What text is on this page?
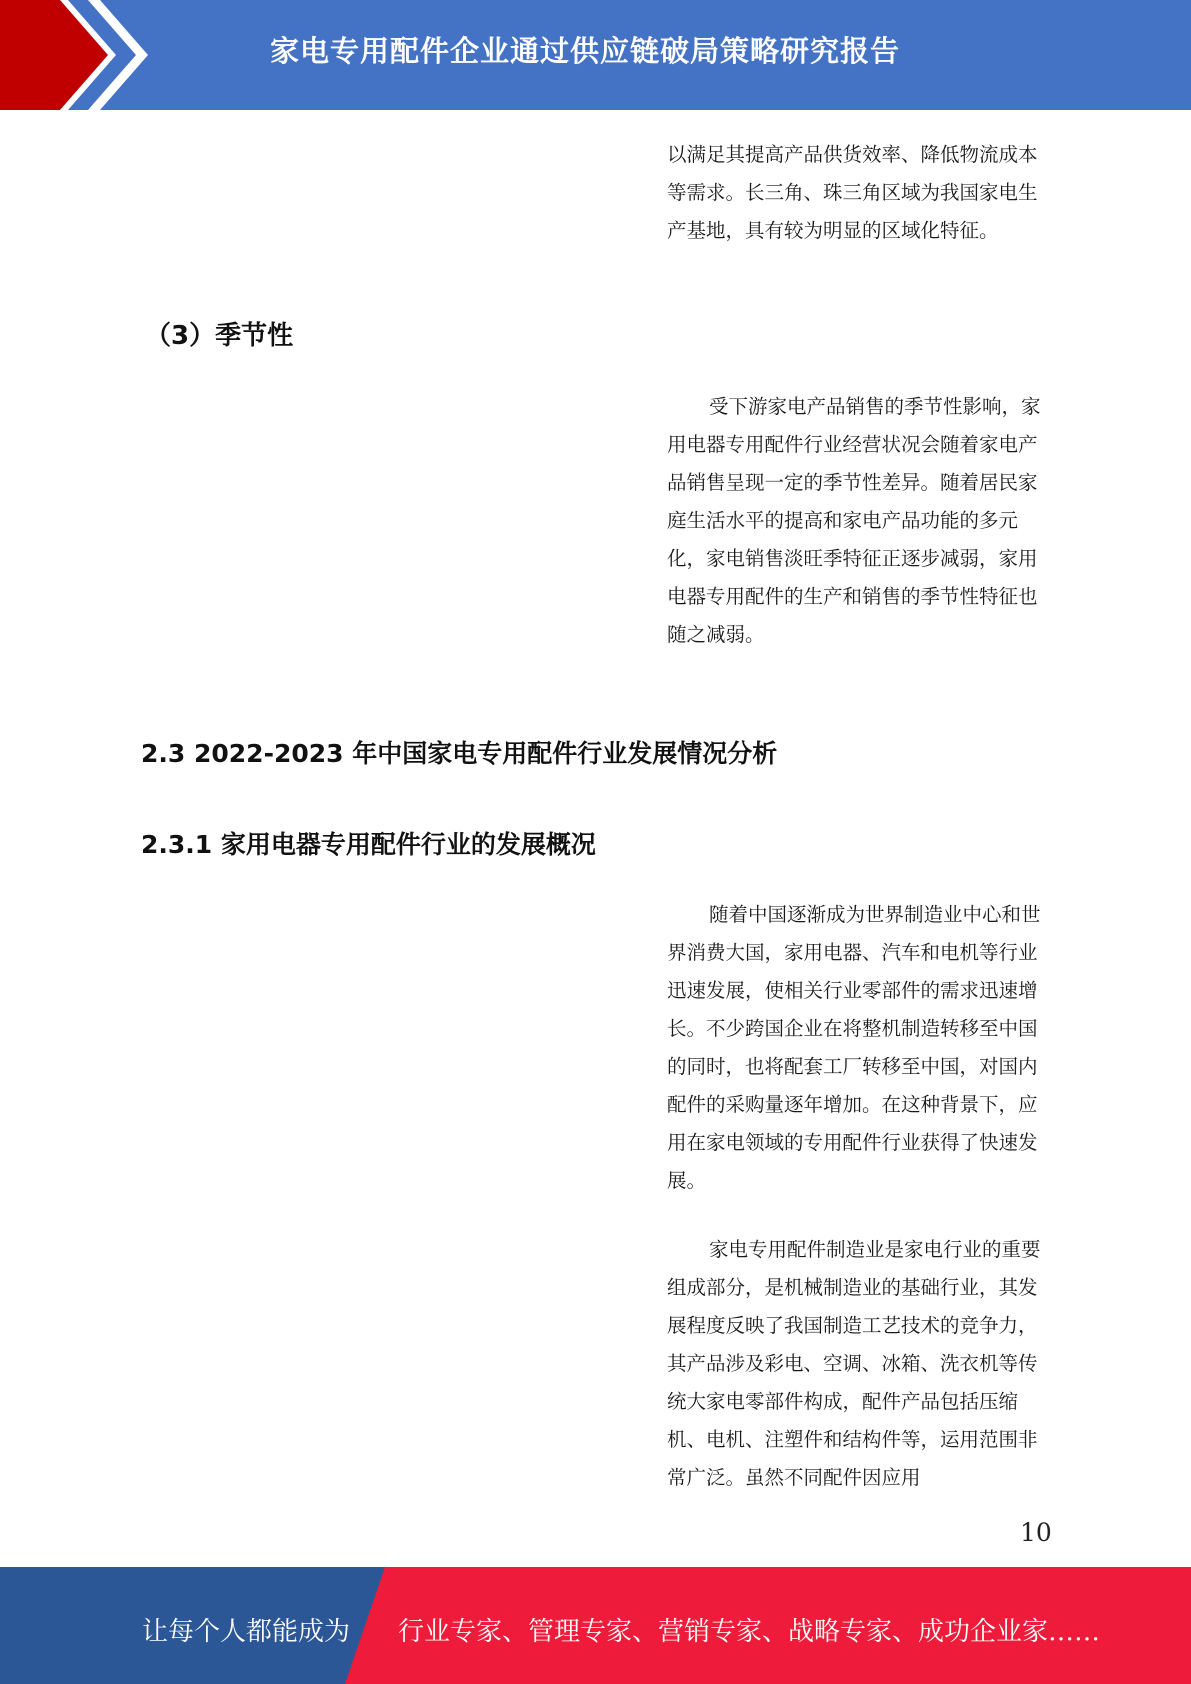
家电专用配件企业通过供应链破局策略研究报告

以满足其提高产品供货效率、降低物流成本等需求。长三角、珠三角区域为我国家电生产基地，具有较为明显的区域化特征。

（3）季节性

受下游家电产品销售的季节性影响，家用电器专用配件行业经营状况会随着家电产品销售呈现一定的季节性差异。随着居民家庭生活水平的提高和家电产品功能的多元化，家电销售淡旺季特征正逐步减弱，家用电器专用配件的生产和销售的季节性特征也随之减弱。

2.3 2022-2023 年中国家电专用配件行业发展情况分析
2.3.1 家用电器专用配件行业的发展概况

随着中国逐渐成为世界制造业中心和世界消费大国，家用电器、汽车和电机等行业迅速发展，使相关行业零部件的需求迅速增长。不少跨国企业在将整机制造转移至中国的同时，也将配套工厂转移至中国，对国内配件的采购量逐年增加。在这种背景下，应用在家电领域的专用配件行业获得了快速发展。

家电专用配件制造业是家电行业的重要组成部分，是机械制造业的基础行业，其发展程度反映了我国制造工艺技术的竞争力，其产品涉及彩电、空调、冰箱、洗衣机等传统大家电零部件构成，配件产品包括压缩机、电机、注塑件和结构件等，运用范围非常广泛。虽然不同配件因应用

10
让每个人都能成为 行业专家、管理专家、营销专家、战略专家、成功企业家……
